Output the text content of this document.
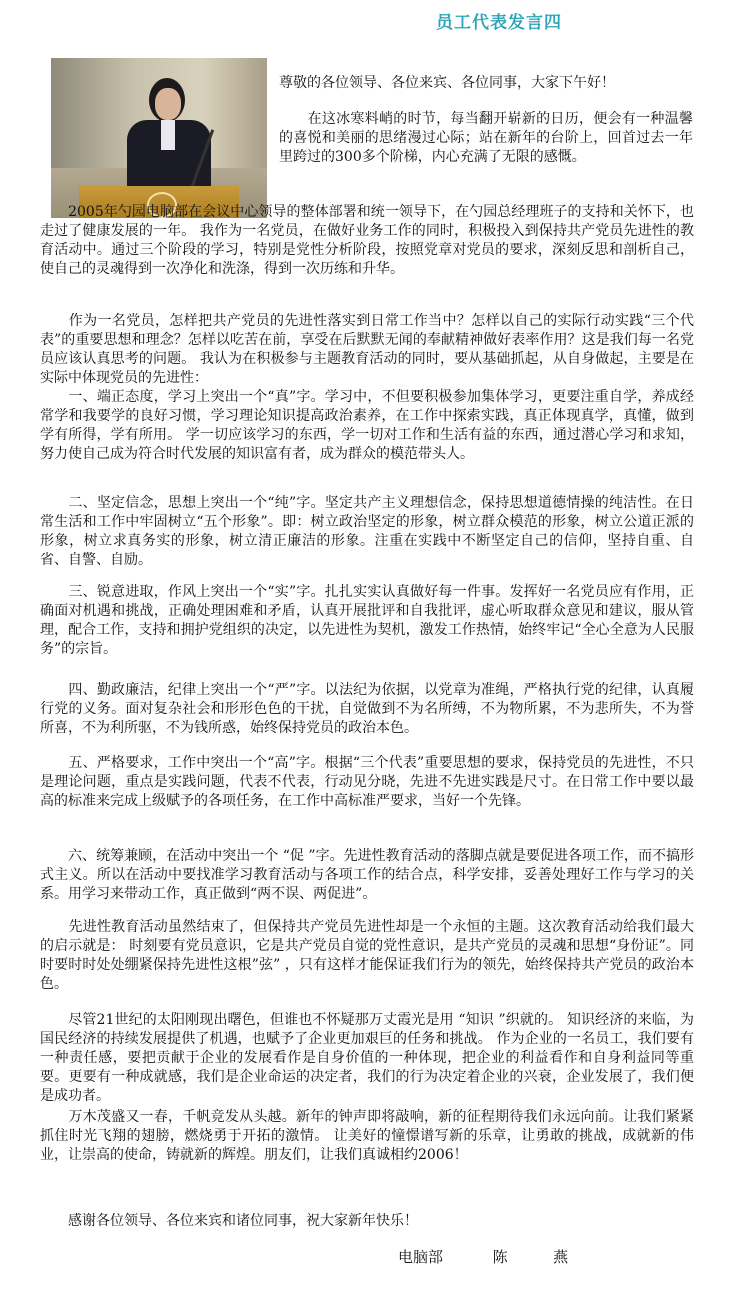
员工代表发言四

尊敬的各位领导、各位来宾、各位同事，大家下午好！

　　在这冰寒料峭的时节，每当翻开崭新的日历，便会有一种温馨的喜悦和美丽的思绪漫过心际；站在新年的台阶上，回首过去一年里跨过的300多个阶梯，内心充满了无限的感慨。

　　2005年勺园电脑部在会议中心领导的整体部署和统一领导下，在勺园总经理班子的支持和关怀下，也走过了健康发展的一年。 我作为一名党员，在做好业务工作的同时，积极投入到保持共产党员先进性的教育活动中。通过三个阶段的学习，特别是党性分析阶段，按照党章对党员的要求，深刻反思和剖析自己，使自己的灵魂得到一次净化和洗涤，得到一次历练和升华。

　　作为一名党员，怎样把共产党员的先进性落实到日常工作当中？怎样以自己的实际行动实践“三个代表”的重要思想和理念？怎样以吃苦在前，享受在后默默无闻的奉献精神做好表率作用？这是我们每一名党员应该认真思考的问题。 我认为在积极参与主题教育活动的同时，要从基础抓起，从自身做起，主要是在实际中体现党员的先进性：

　　一、端正态度，学习上突出一个“真”字。学习中，不但要积极参加集体学习，更要注重自学，养成经常学和我要学的良好习惯，学习理论知识提高政治素养，在工作中探索实践，真正体现真学，真懂，做到学有所得，学有所用。 学一切应该学习的东西，学一切对工作和生活有益的东西，通过潜心学习和求知，努力使自己成为符合时代发展的知识富有者，成为群众的模范带头人。

　　二、坚定信念，思想上突出一个“纯”字。坚定共产主义理想信念，保持思想道德情操的纯洁性。在日常生活和工作中牢固树立“五个形象”。即：树立政治坚定的形象，树立群众模范的形象，树立公道正派的形象，树立求真务实的形象，树立清正廉洁的形象。注重在实践中不断坚定自己的信仰，坚持自重、自省、自警、自励。

　　三、锐意进取，作风上突出一个“实”字。扎扎实实认真做好每一件事。发挥好一名党员应有作用，正确面对机遇和挑战，正确处理困难和矛盾，认真开展批评和自我批评，虚心听取群众意见和建议，服从管理，配合工作，支持和拥护党组织的决定，以先进性为契机，激发工作热情，始终牢记“全心全意为人民服务”的宗旨。

　　四、勤政廉洁，纪律上突出一个“严”字。以法纪为依据，以党章为准绳，严格执行党的纪律，认真履行党的义务。面对复杂社会和形形色色的干扰，自觉做到不为名所缚，不为物所累，不为悲所失，不为誉所喜，不为利所驱，不为钱所惑，始终保持党员的政治本色。

　　五、严格要求，工作中突出一个“高”字。根据“三个代表”重要思想的要求，保持党员的先进性，不只是理论问题，重点是实践问题，代表不代表，行动见分晓，先进不先进实践是尺寸。在日常工作中要以最高的标准来完成上级赋予的各项任务，在工作中高标准严要求，当好一个先锋。

　　六、统筹兼顾，在活动中突出一个 “促 ”字。先进性教育活动的落脚点就是要促进各项工作，而不搞形式主义。所以在活动中要找准学习教育活动与各项工作的结合点，科学安排，妥善处理好工作与学习的关系。用学习来带动工作，真正做到“两不误、两促进”。

　　先进性教育活动虽然结束了，但保持共产党员先进性却是一个永恒的主题。这次教育活动给我们最大的启示就是： 时刻要有党员意识，它是共产党员自觉的党性意识，是共产党员的灵魂和思想“身份证”。同时要时时处处绷紧保持先进性这根”弦” ，只有这样才能保证我们行为的领先，始终保持共产党员的政治本色。

　　尽管21世纪的太阳刚现出曙色，但谁也不怀疑那万丈霞光是用 “知识 ”织就的。 知识经济的来临，为国民经济的持续发展提供了机遇，也赋予了企业更加艰巨的任务和挑战。 作为企业的一名员工，我们要有一种责任感，要把贡献于企业的发展看作是自身价值的一种体现，把企业的利益看作和自身利益同等重要。更要有一种成就感，我们是企业命运的决定者，我们的行为决定着企业的兴衰，企业发展了，我们便是成功者。

　　万木茂盛又一春，千帆竞发从头越。新年的钟声即将敲响，新的征程期待我们永远向前。让我们紧紧抓住时光飞翔的翅膀，燃烧勇于开拓的激情。 让美好的憧憬谱写新的乐章，让勇敢的挑战，成就新的伟业，让崇高的使命，铸就新的辉煌。朋友们，让我们真诚相约2006！

　　感谢各位领导、各位来宾和诸位同事，祝大家新年快乐！

电脑部	陈	燕
